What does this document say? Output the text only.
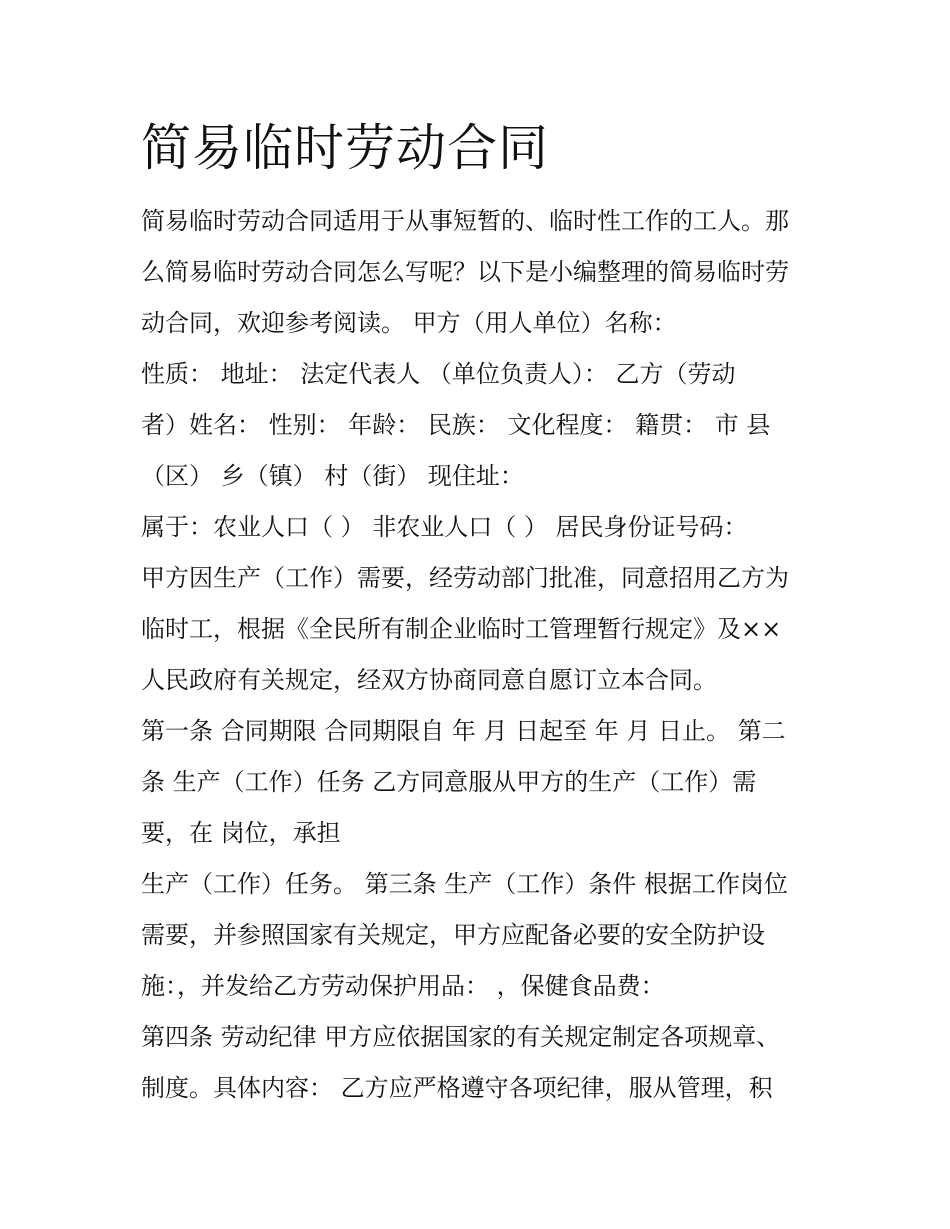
简易临时劳动合同
简易临时劳动合同适用于从事短暂的、临时性工作的工人。那
么简易临时劳动合同怎么写呢？以下是小编整理的简易临时劳
动合同，欢迎参考阅读。 甲方（用人单位）名称：
性质： 地址： 法定代表人 （单位负责人）： 乙方（劳动
者）姓名： 性别： 年龄： 民族： 文化程度： 籍贯： 市 县
（区） 乡（镇） 村（街） 现住址：
属于：农业人口（ ） 非农业人口（ ） 居民身份证号码：
甲方因生产（工作）需要，经劳动部门批准，同意招用乙方为
临时工，根据《全民所有制企业临时工管理暂行规定》及××
人民政府有关规定，经双方协商同意自愿订立本合同。
第一条 合同期限 合同期限自 年 月 日起至 年 月 日止。 第二
条 生产（工作）任务 乙方同意服从甲方的生产（工作）需
要，在 岗位，承担
生产（工作）任务。 第三条 生产（工作）条件 根据工作岗位
需要，并参照国家有关规定，甲方应配备必要的安全防护设
施：，并发给乙方劳动保护用品： ，保健食品费：
第四条 劳动纪律 甲方应依据国家的有关规定制定各项规章、
制度。具体内容： 乙方应严格遵守各项纪律，服从管理，积
